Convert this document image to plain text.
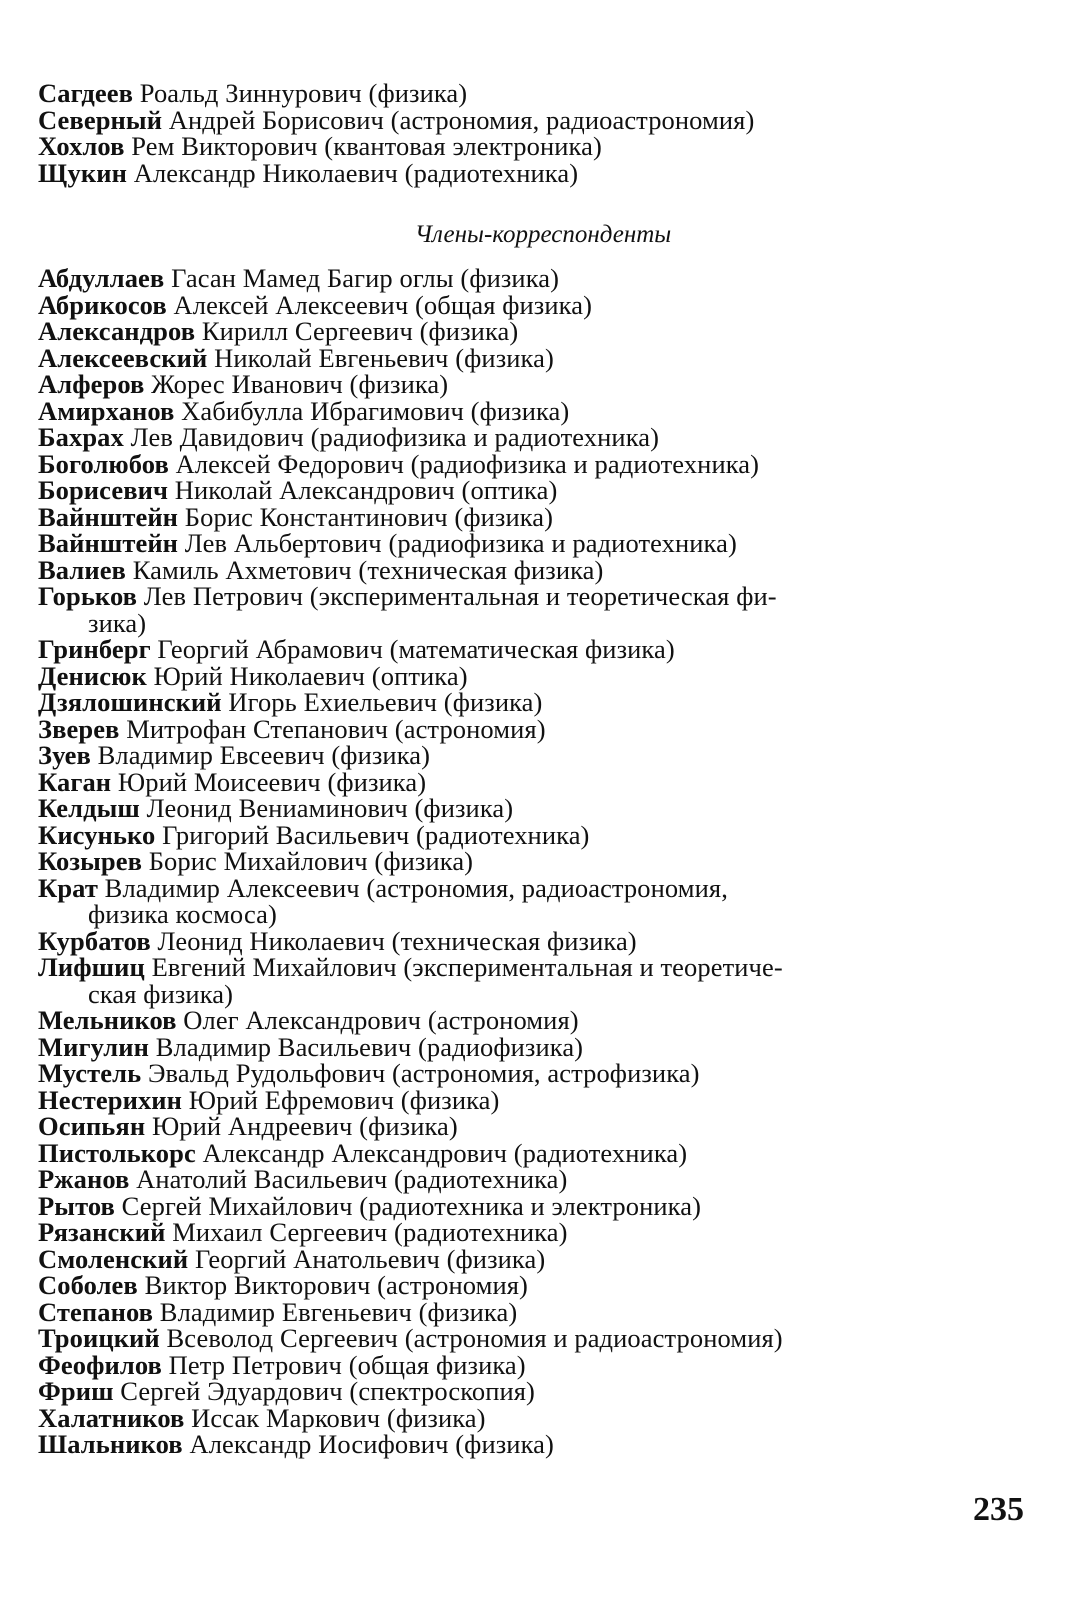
Сагдеев Роальд Зиннурович (физика)
Северный Андрей Борисович (астрономия, радиоастрономия)
Хохлов Рем Викторович (квантовая электроника)
Щукин Александр Николаевич (радиотехника)
Члены-корреспонденты
Абдуллаев Гасан Мамед Багир оглы (физика)
Абрикосов Алексей Алексеевич (общая физика)
Александров Кирилл Сергеевич (физика)
Алексеевский Николай Евгеньевич (физика)
Алферов Жорес Иванович (физика)
Амирханов Хабибулла Ибрагимович (физика)
Бахрах Лев Давидович (радиофизика и радиотехника)
Боголюбов Алексей Федорович (радиофизика и радиотехника)
Борисевич Николай Александрович (оптика)
Вайнштейн Борис Константинович (физика)
Вайнштейн Лев Альбертович (радиофизика и радиотехника)
Валиев Камиль Ахметович (техническая физика)
Горьков Лев Петрович (экспериментальная и теоретическая фи-
зика)
Гринберг Георгий Абрамович (математическая физика)
Денисюк Юрий Николаевич (оптика)
Дзялошинский Игорь Ехиельевич (физика)
Зверев Митрофан Степанович (астрономия)
Зуев Владимир Евсеевич (физика)
Каган Юрий Моисеевич (физика)
Келдыш Леонид Вениаминович (физика)
Кисунько Григорий Васильевич (радиотехника)
Козырев Борис Михайлович (физика)
Крат Владимир Алексеевич (астрономия, радиоастрономия,
физика космоса)
Курбатов Леонид Николаевич (техническая физика)
Лифшиц Евгений Михайлович (экспериментальная и теоретиче-
ская физика)
Мельников Олег Александрович (астрономия)
Мигулин Владимир Васильевич (радиофизика)
Мустель Эвальд Рудольфович (астрономия, астрофизика)
Нестерихин Юрий Ефремович (физика)
Осипьян Юрий Андреевич (физика)
Пистолькорс Александр Александрович (радиотехника)
Ржанов Анатолий Васильевич (радиотехника)
Рытов Сергей Михайлович (радиотехника и электроника)
Рязанский Михаил Сергеевич (радиотехника)
Смоленский Георгий Анатольевич (физика)
Соболев Виктор Викторович (астрономия)
Степанов Владимир Евгеньевич (физика)
Троицкий Всеволод Сергеевич (астрономия и радиоастрономия)
Феофилов Петр Петрович (общая физика)
Фриш Сергей Эдуардович (спектроскопия)
Халатников Иссак Маркович (физика)
Шальников Александр Иосифович (физика)
235
